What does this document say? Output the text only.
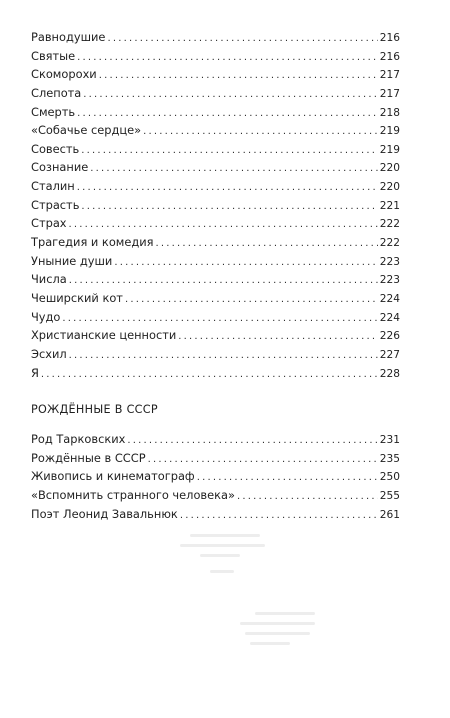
Равнодушие .....	216
Святые .....	216
Скоморохи .....	217
Слепота .....	217
Смерть .....	218
«Собачье сердце» .....	219
Совесть .....	219
Сознание .....	220
Сталин .....	220
Страсть .....	221
Страх .....	222
Трагедия и комедия .....	222
Уныние души .....	223
Числа .....	223
Чеширский кот .....	224
Чудо .....	224
Христианские ценности .....	226
Эсхил .....	227
Я .....	228
РОЖДЁННЫЕ В СССР
Род Тарковских .....	231
Рождённые в СССР .....	235
Живопись и кинематограф .....	250
«Вспомнить странного человека» .....	255
Поэт Леонид Завальнюк .....	261
